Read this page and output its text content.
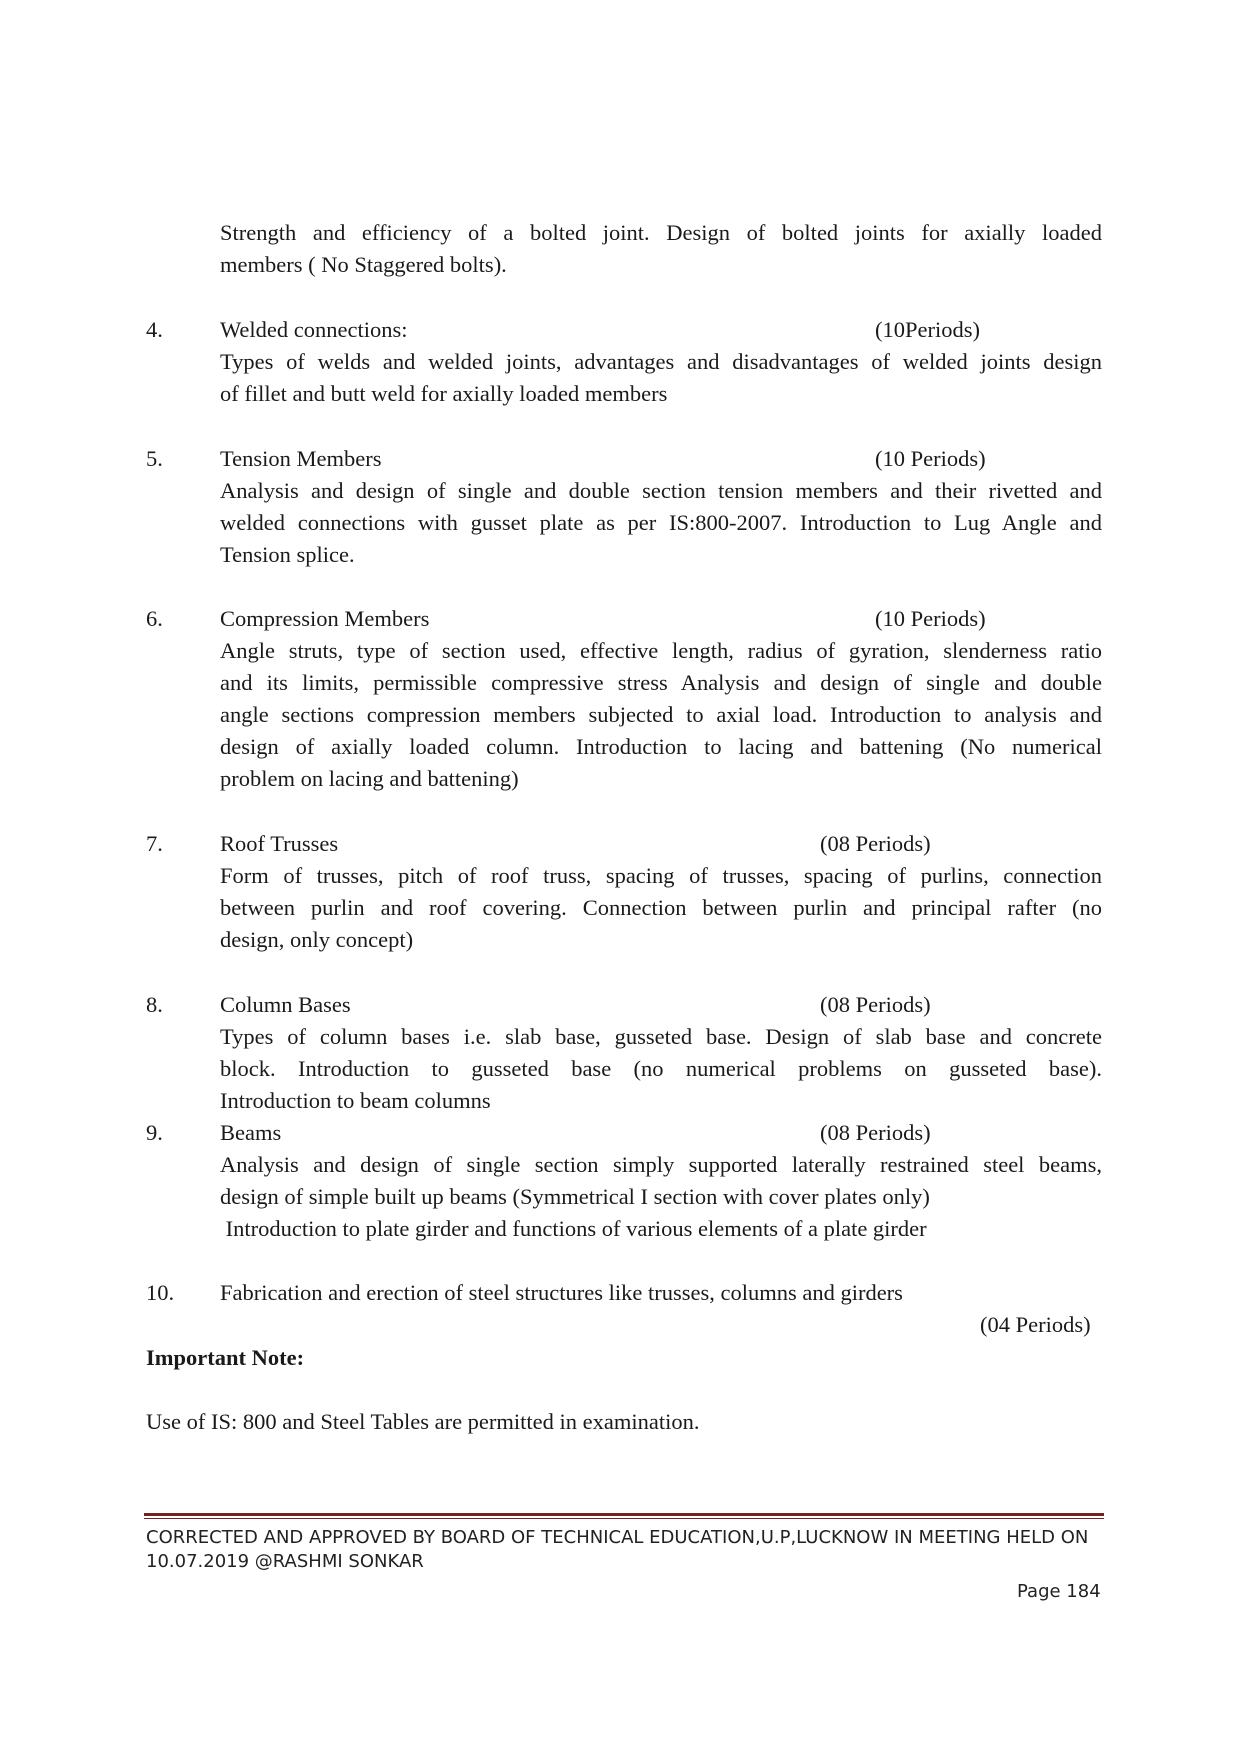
Strength and efficiency of a bolted joint. Design of bolted joints for axially loaded
members ( No Staggered bolts).
4.	Welded connections:	(10Periods)
Types of welds and welded joints, advantages and disadvantages of welded joints design
of fillet and butt weld for axially loaded members
5.	Tension Members	(10 Periods)
Analysis and design of single and double section tension members and their rivetted and
welded connections with gusset plate as per IS:800-2007. Introduction to Lug Angle and
Tension splice.
6.	Compression Members	(10 Periods)
Angle struts, type of section used, effective length, radius of gyration, slenderness ratio
and its limits, permissible compressive stress Analysis and design of single and double
angle sections compression members subjected to axial load. Introduction to analysis and
design of axially loaded column. Introduction to lacing and battening (No numerical
problem on lacing and battening)
7.	Roof Trusses	(08 Periods)
Form of trusses, pitch of roof truss, spacing of trusses, spacing of purlins, connection
between purlin and roof covering. Connection between purlin and principal rafter (no
design, only concept)
8.	Column Bases	(08 Periods)
Types of column bases i.e. slab base, gusseted base. Design of slab base and concrete
block. Introduction to gusseted base (no numerical problems on gusseted base).
Introduction to beam columns
9.	Beams	(08 Periods)
Analysis and design of single section simply supported laterally restrained steel beams,
design of simple built up beams (Symmetrical I section with cover plates only)
Introduction to plate girder and functions of various elements of a plate girder
10. Fabrication and erection of steel structures like trusses, columns and girders
(04 Periods)
Important Note:
Use of IS: 800 and Steel Tables are permitted in examination.
CORRECTED AND APPROVED BY BOARD OF TECHNICAL EDUCATION,U.P,LUCKNOW IN MEETING HELD ON
10.07.2019 @RASHMI SONKAR
Page 184
